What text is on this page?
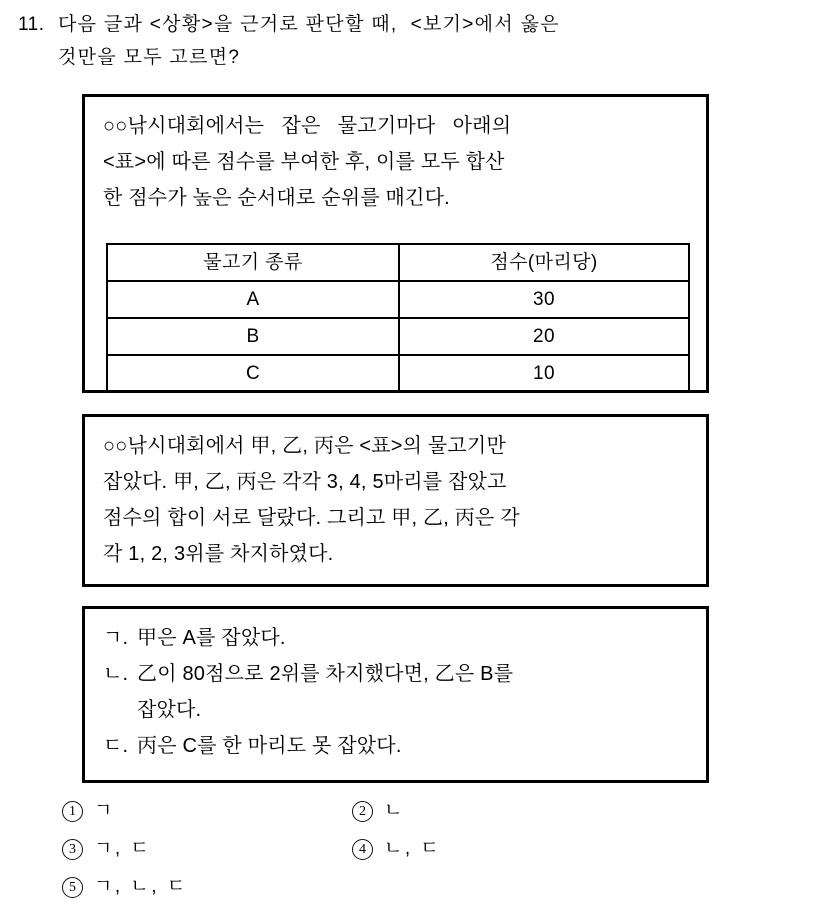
11. 다음 글과 <상황>을 근거로 판단할 때,  <보기>에서 옳은
것만을 모두 고르면?
○○낚시대회에서는   잡은   물고기마다   아래의
<표>에 따른 점수를 부여한 후, 이를 모두 합산
한 점수가 높은 순서대로 순위를 매긴다.
물고기 종류	점수(마리당)
A	30
B	20
C	10
○○낚시대회에서 甲, 乙, 丙은 <표>의 물고기만
잡았다. 甲, 乙, 丙은 각각 3, 4, 5마리를 잡았고
점수의 합이 서로 달랐다. 그리고 甲, 乙, 丙은 각
각 1, 2, 3위를 차지하였다.
ㄱ. 甲은 A를 잡았다.
ㄴ. 乙이 80점으로 2위를 차지했다면, 乙은 B를
잡았다.
ㄷ. 丙은 C를 한 마리도 못 잡았다.
1 ㄱ	2 ㄴ
3 ㄱ, ㄷ	4 ㄴ, ㄷ
5 ㄱ, ㄴ, ㄷ
